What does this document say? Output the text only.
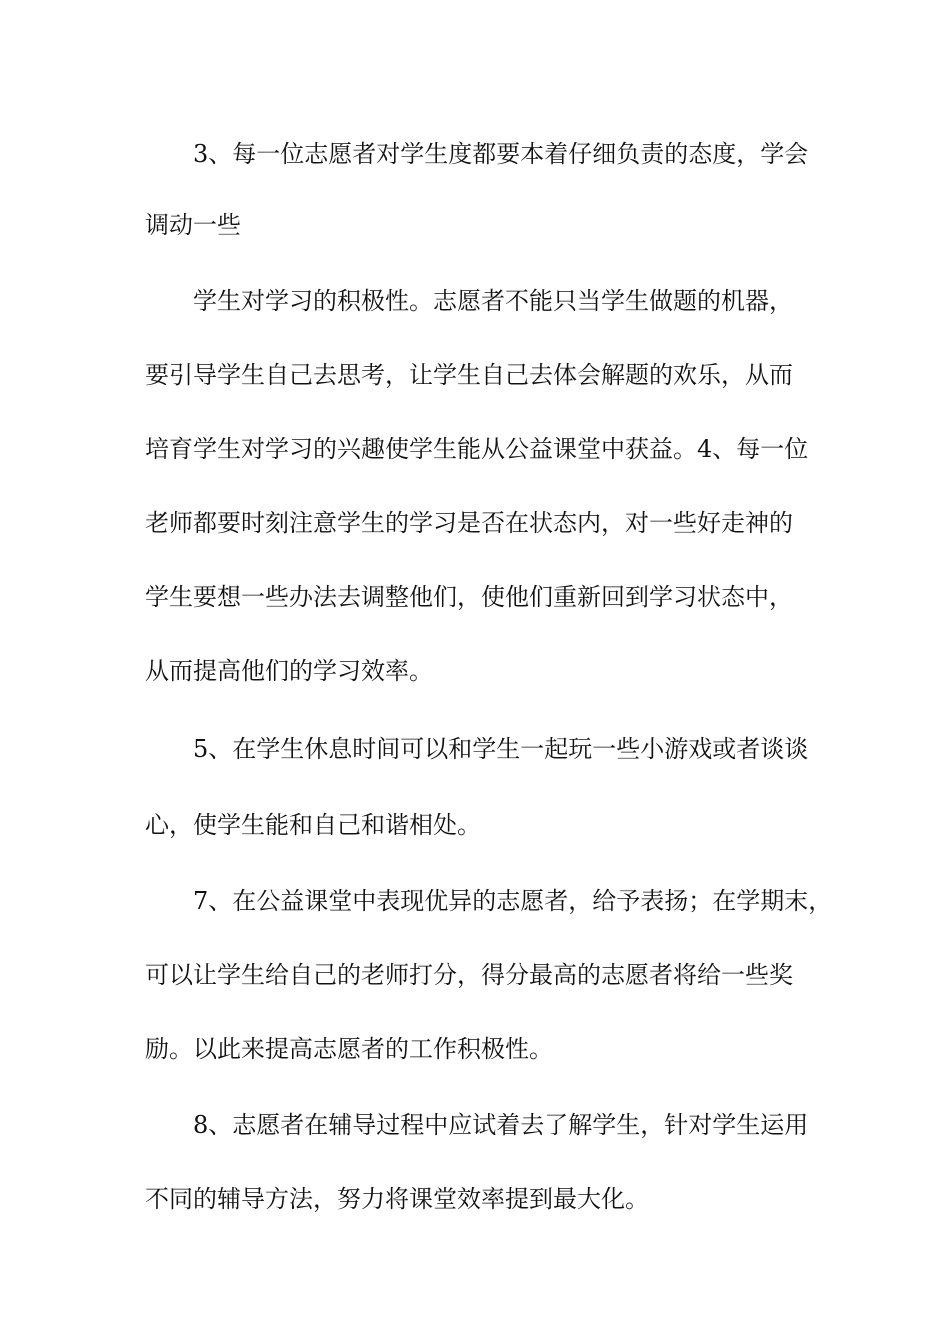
3、每一位志愿者对学生度都要本着仔细负责的态度，学会
调动一些
学生对学习的积极性。志愿者不能只当学生做题的机器，
要引导学生自己去思考，让学生自己去体会解题的欢乐，从而
培育学生对学习的兴趣使学生能从公益课堂中获益。4、每一位
老师都要时刻注意学生的学习是否在状态内，对一些好走神的
学生要想一些办法去调整他们，使他们重新回到学习状态中，
从而提高他们的学习效率。
5、在学生休息时间可以和学生一起玩一些小游戏或者谈谈
心，使学生能和自己和谐相处。
7、在公益课堂中表现优异的志愿者，给予表扬；在学期末，
可以让学生给自己的老师打分，得分最高的志愿者将给一些奖
励。以此来提高志愿者的工作积极性。
8、志愿者在辅导过程中应试着去了解学生，针对学生运用
不同的辅导方法，努力将课堂效率提到最大化。
